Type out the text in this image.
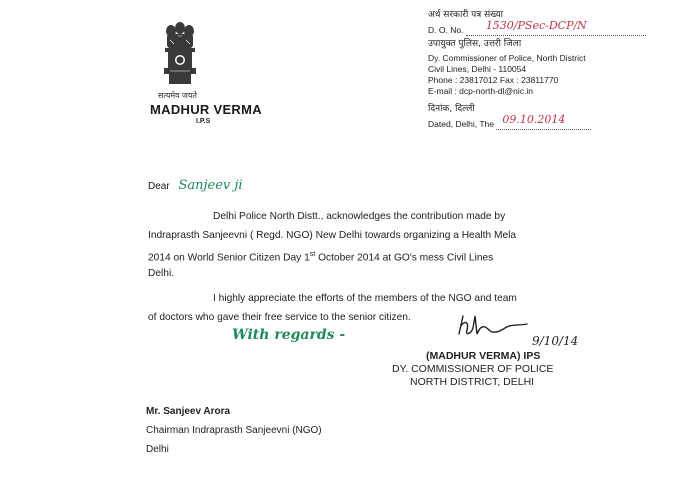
सत्यमेव जयते
MADHUR VERMA
I.P.S
अर्ध सरकारी पत्र संख्या
D. O. No. 1530/PSec-DCP/N
उपायुक्त पुलिस, उत्तरी जिला
Dy. Commissioner of Police, North District
Civil Lines, Delhi - 110054
Phone : 23817012 Fax : 23811770
E-mail : dcp-north-dl@nic.in
दिनांक, दिल्ली
Dated, Delhi, The 09.10.2014
Dear Sanjeev ji
Delhi Police North Distt., acknowledges the contribution made by
Indraprasth Sanjeevni ( Regd. NGO) New Delhi towards organizing a Health Mela
2014 on World Senior Citizen Day 1st October 2014 at GO's mess Civil Lines
Delhi.
I highly appreciate the efforts of the members of the NGO and team
of doctors who gave their free service to the senior citizen.
With regards -	9/10/14
(MADHUR VERMA) IPS
DY. COMMISSIONER OF POLICE
NORTH DISTRICT, DELHI
Mr. Sanjeev Arora
Chairman Indraprasth Sanjeevni (NGO)
Delhi
